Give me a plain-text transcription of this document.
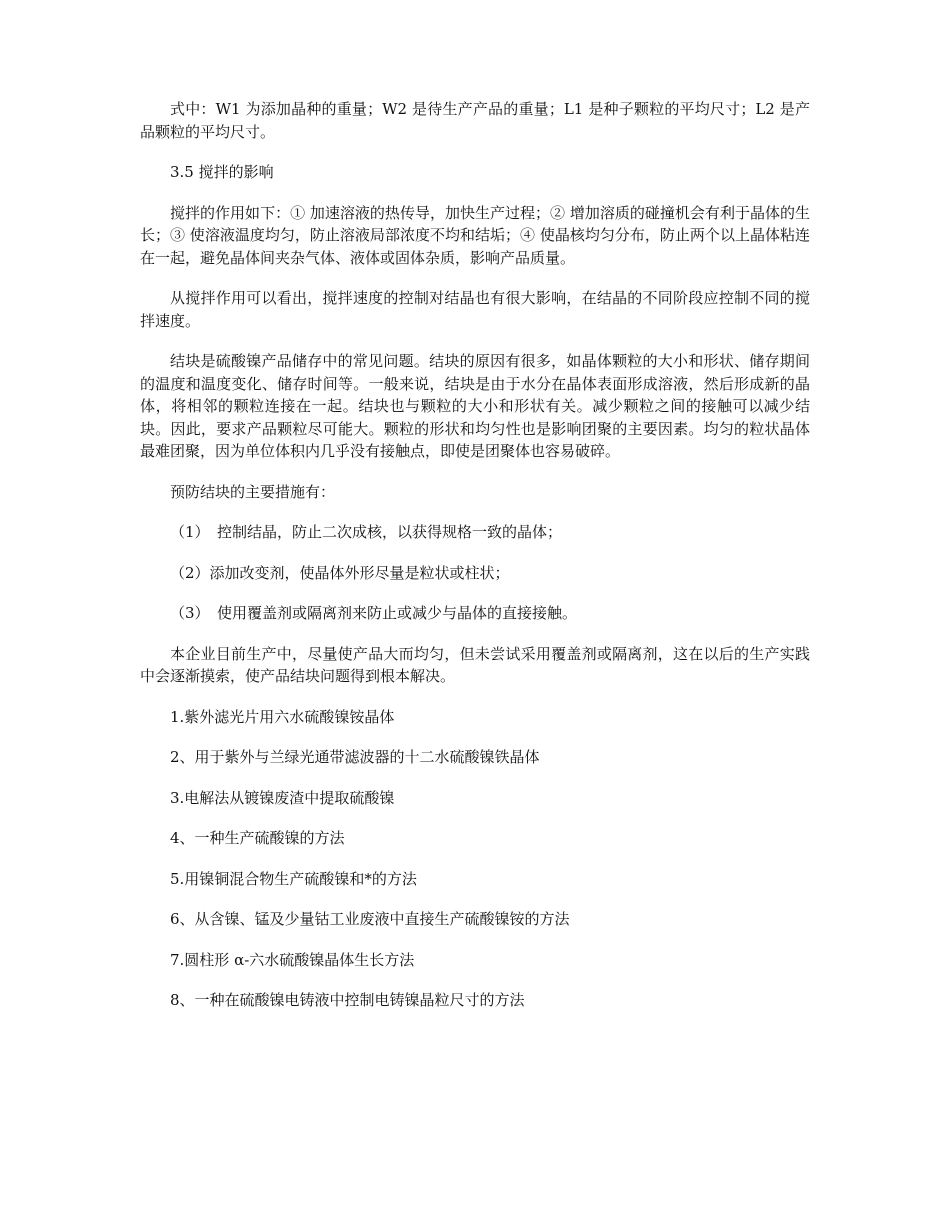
式中：W1 为添加晶种的重量；W2 是待生产产品的重量；L1 是种子颗粒的平均尺寸；L2 是产品颗粒的平均尺寸。

3.5 搅拌的影响

搅拌的作用如下：① 加速溶液的热传导，加快生产过程；② 增加溶质的碰撞机会有利于晶体的生长；③ 使溶液温度均匀，防止溶液局部浓度不均和结垢；④ 使晶核均匀分布，防止两个以上晶体粘连在一起，避免晶体间夹杂气体、液体或固体杂质，影响产品质量。

从搅拌作用可以看出，搅拌速度的控制对结晶也有很大影响，在结晶的不同阶段应控制不同的搅拌速度。

结块是硫酸镍产品储存中的常见问题。结块的原因有很多，如晶体颗粒的大小和形状、储存期间的温度和温度变化、储存时间等。一般来说，结块是由于水分在晶体表面形成溶液，然后形成新的晶体，将相邻的颗粒连接在一起。结块也与颗粒的大小和形状有关。减少颗粒之间的接触可以减少结块。因此，要求产品颗粒尽可能大。颗粒的形状和均匀性也是影响团聚的主要因素。均匀的粒状晶体最难团聚，因为单位体积内几乎没有接触点，即使是团聚体也容易破碎。

预防结块的主要措施有：

（1）　控制结晶，防止二次成核，以获得规格一致的晶体；

（2）添加改变剂，使晶体外形尽量是粒状或柱状；

（3）　使用覆盖剂或隔离剂来防止或减少与晶体的直接接触。

本企业目前生产中，尽量使产品大而均匀，但未尝试采用覆盖剂或隔离剂，这在以后的生产实践中会逐渐摸索，使产品结块问题得到根本解决。

1.紫外滤光片用六水硫酸镍铵晶体

2、用于紫外与兰绿光通带滤波器的十二水硫酸镍铁晶体

3.电解法从镀镍废渣中提取硫酸镍

4、一种生产硫酸镍的方法

5.用镍铜混合物生产硫酸镍和*的方法

6、从含镍、锰及少量钴工业废液中直接生产硫酸镍铵的方法

7.圆柱形 α-六水硫酸镍晶体生长方法

8、一种在硫酸镍电铸液中控制电铸镍晶粒尺寸的方法
